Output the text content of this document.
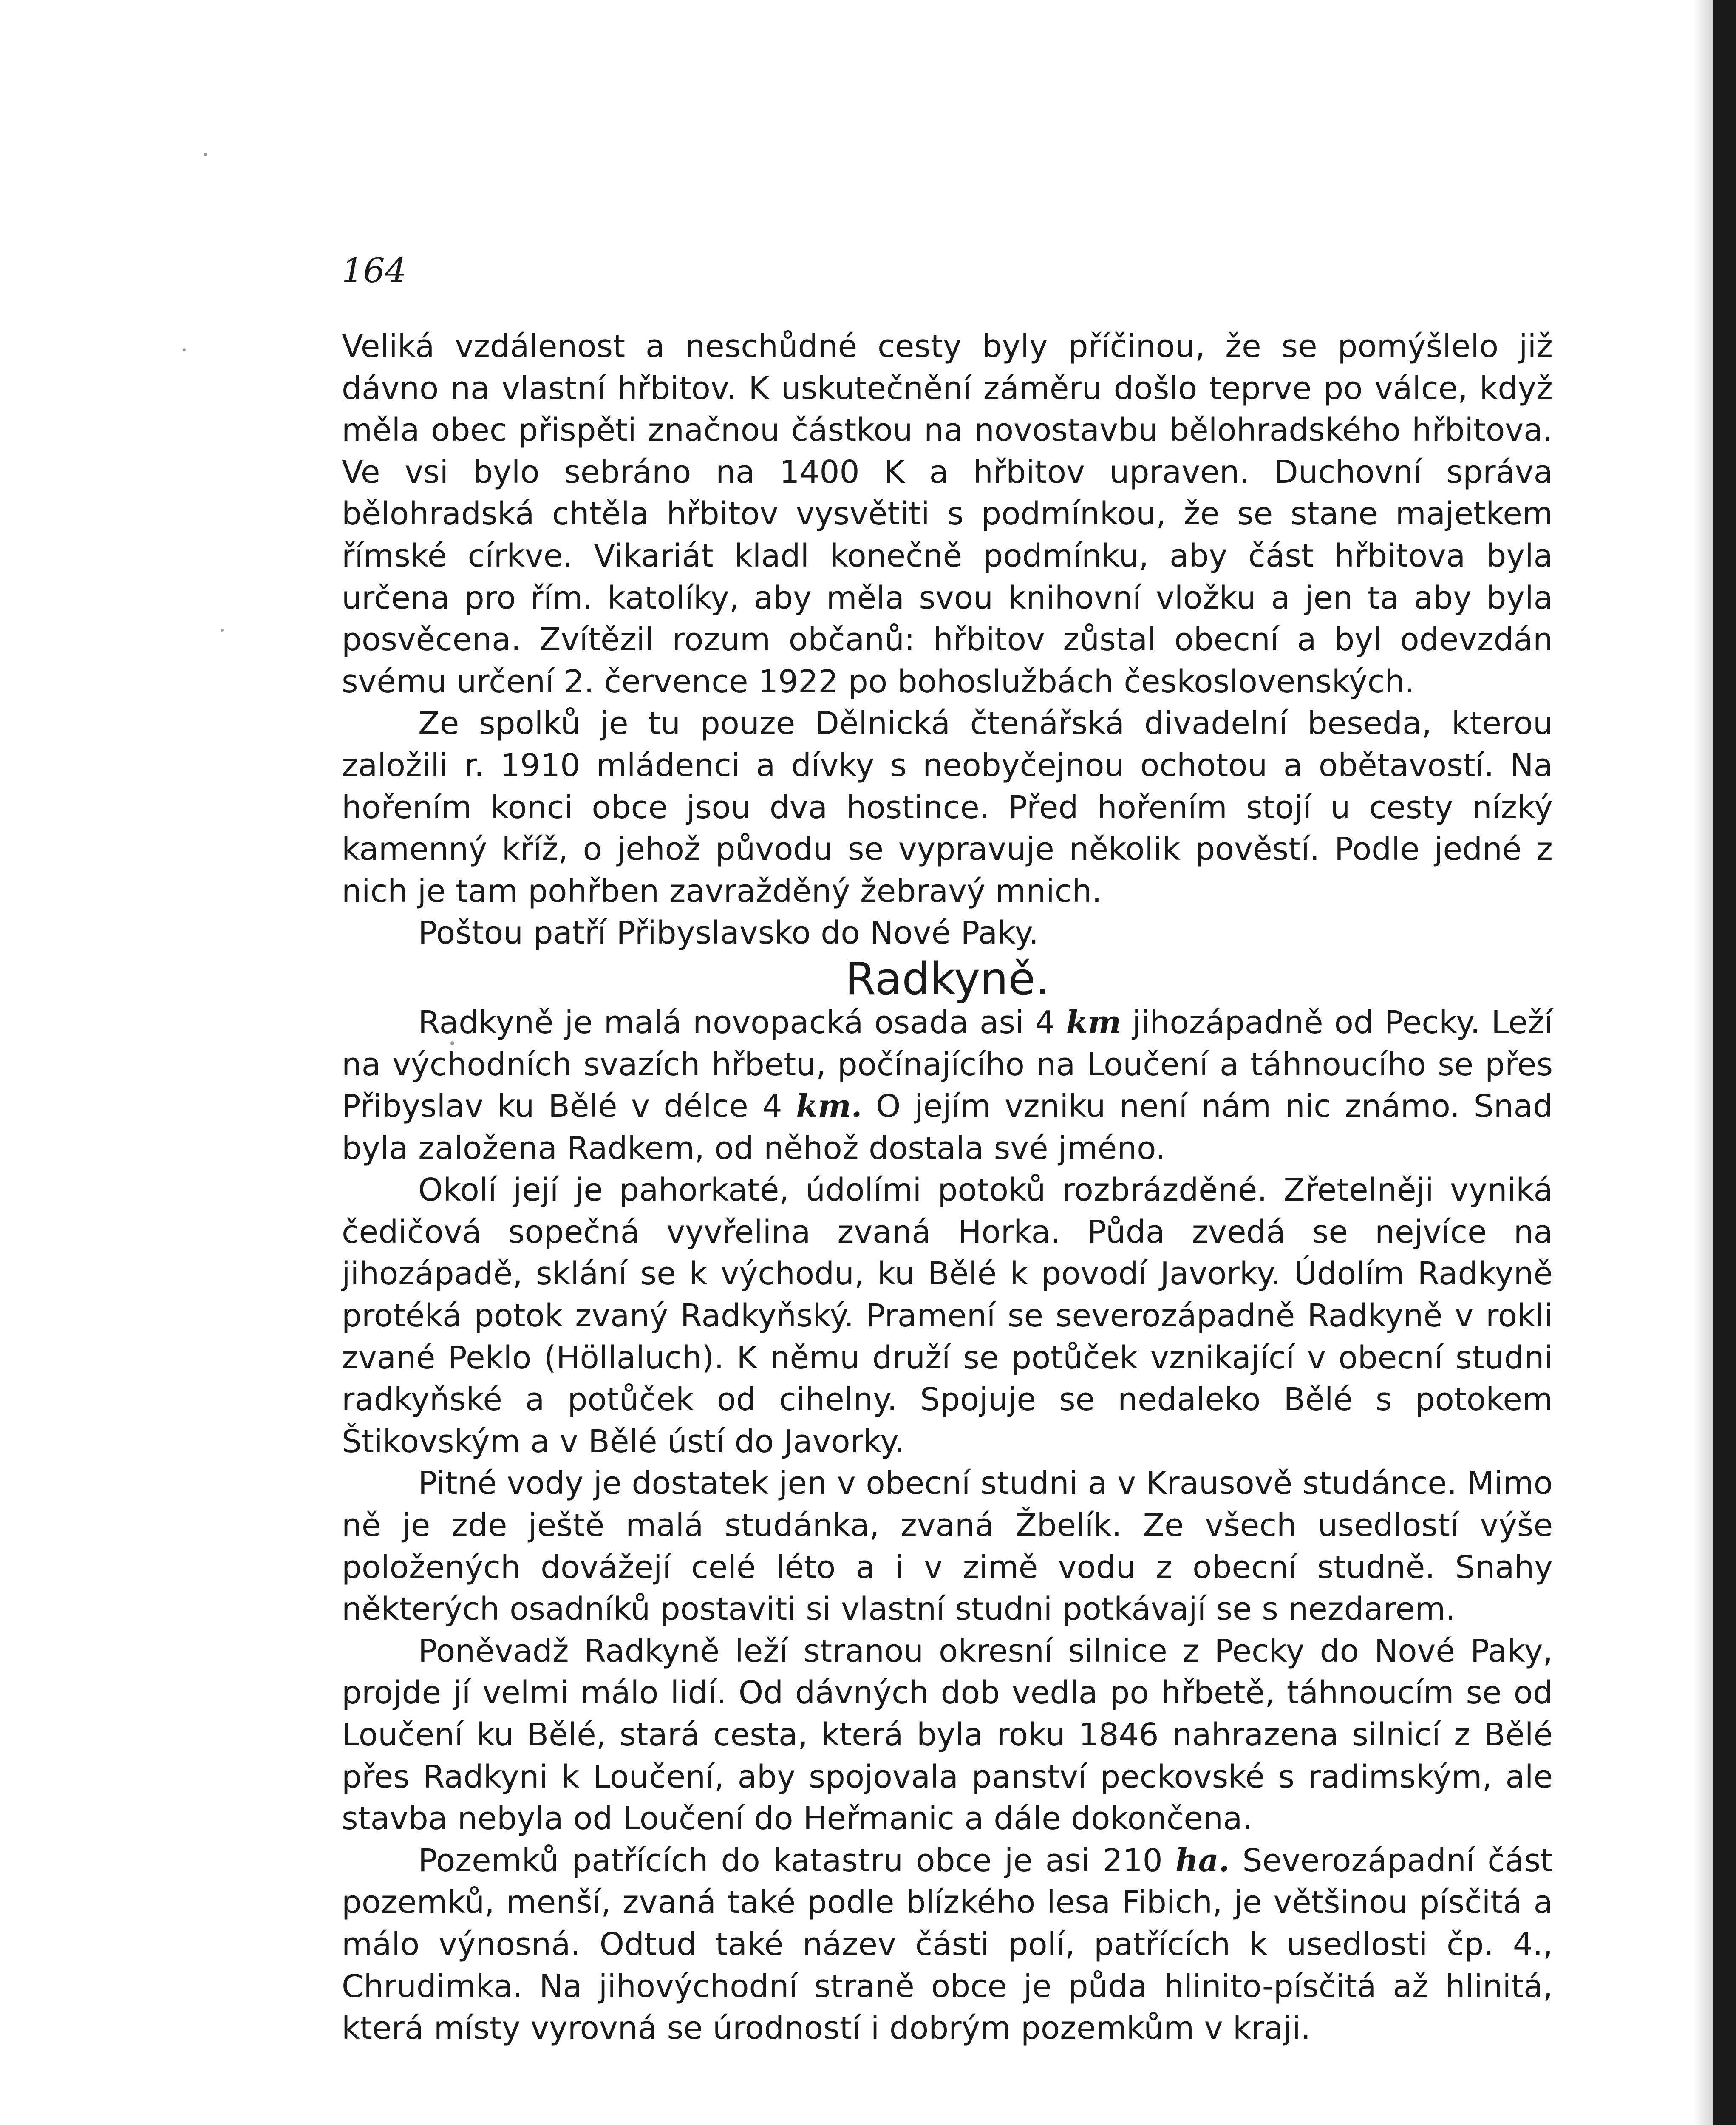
164

Veliká vzdálenost a neschůdné cesty byly příčinou, že se pomýšlelo již dávno na vlastní hřbitov. K uskutečnění záměru došlo teprve po válce, když měla obec přispěti značnou částkou na novostavbu bělohradského hřbitova. Ve vsi bylo sebráno na 1400 K a hřbitov upraven. Duchovní správa bělohradská chtěla hřbitov vysvětiti s podmínkou, že se stane majetkem římské církve. Vikariát kladl konečně podmínku, aby část hřbitova byla určena pro řím. katolíky, aby měla svou knihovní vložku a jen ta aby byla posvěcena. Zvítězil rozum občanů: hřbitov zůstal obecní a byl odevzdán svému určení 2. července 1922 po bohoslužbách československých.

Ze spolků je tu pouze Dělnická čtenářská divadelní beseda, kterou založili r. 1910 mládenci a dívky s neobyčejnou ochotou a obětavostí. Na hořením konci obce jsou dva hostince. Před hořením stojí u cesty nízký kamenný kříž, o jehož původu se vypravuje několik pověstí. Podle jedné z nich je tam pohřben zavražděný žebravý mnich.

Poštou patří Přibyslavsko do Nové Paky.

Radkyně.

Radkyně je malá novopacká osada asi 4 km jihozápadně od Pecky. Leží na východních svazích hřbetu, počínajícího na Loučení a táhnoucího se přes Přibyslav ku Bělé v délce 4 km. O jejím vzniku není nám nic známo. Snad byla založena Radkem, od něhož dostala své jméno.

Okolí její je pahorkaté, údolími potoků rozbrázděné. Zřetelněji vyniká čedičová sopečná vyvřelina zvaná Horka. Půda zvedá se nejvíce na jihozápadě, sklání se k východu, ku Bělé k povodí Javorky. Údolím Radkyně protéká potok zvaný Radkyňský. Pramení se severozápadně Radkyně v rokli zvané Peklo (Höllaluch). K němu druží se potůček vznikající v obecní studni radkyňské a potůček od cihelny. Spojuje se nedaleko Bělé s potokem Štikovským a v Bělé ústí do Javorky.

Pitné vody je dostatek jen v obecní studni a v Krausově studánce. Mimo ně je zde ještě malá studánka, zvaná Žbelík. Ze všech usedlostí výše položených dovážejí celé léto a i v zimě vodu z obecní studně. Snahy některých osadníků postaviti si vlastní studni potkávají se s nezdarem.

Poněvadž Radkyně leží stranou okresní silnice z Pecky do Nové Paky, projde jí velmi málo lidí. Od dávných dob vedla po hřbetě, táhnoucím se od Loučení ku Bělé, stará cesta, která byla roku 1846 nahrazena silnicí z Bělé přes Radkyni k Loučení, aby spojovala panství peckovské s radimským, ale stavba nebyla od Loučení do Heřmanic a dále dokončena.

Pozemků patřících do katastru obce je asi 210 ha. Severozápadní část pozemků, menší, zvaná také podle blízkého lesa Fibich, je většinou písčitá a málo výnosná. Odtud také název části polí, patřících k usedlosti čp. 4., Chrudimka. Na jihovýchodní straně obce je půda hlinito-písčitá až hlinitá, která místy vyrovná se úrodností i dobrým pozemkům v kraji.
